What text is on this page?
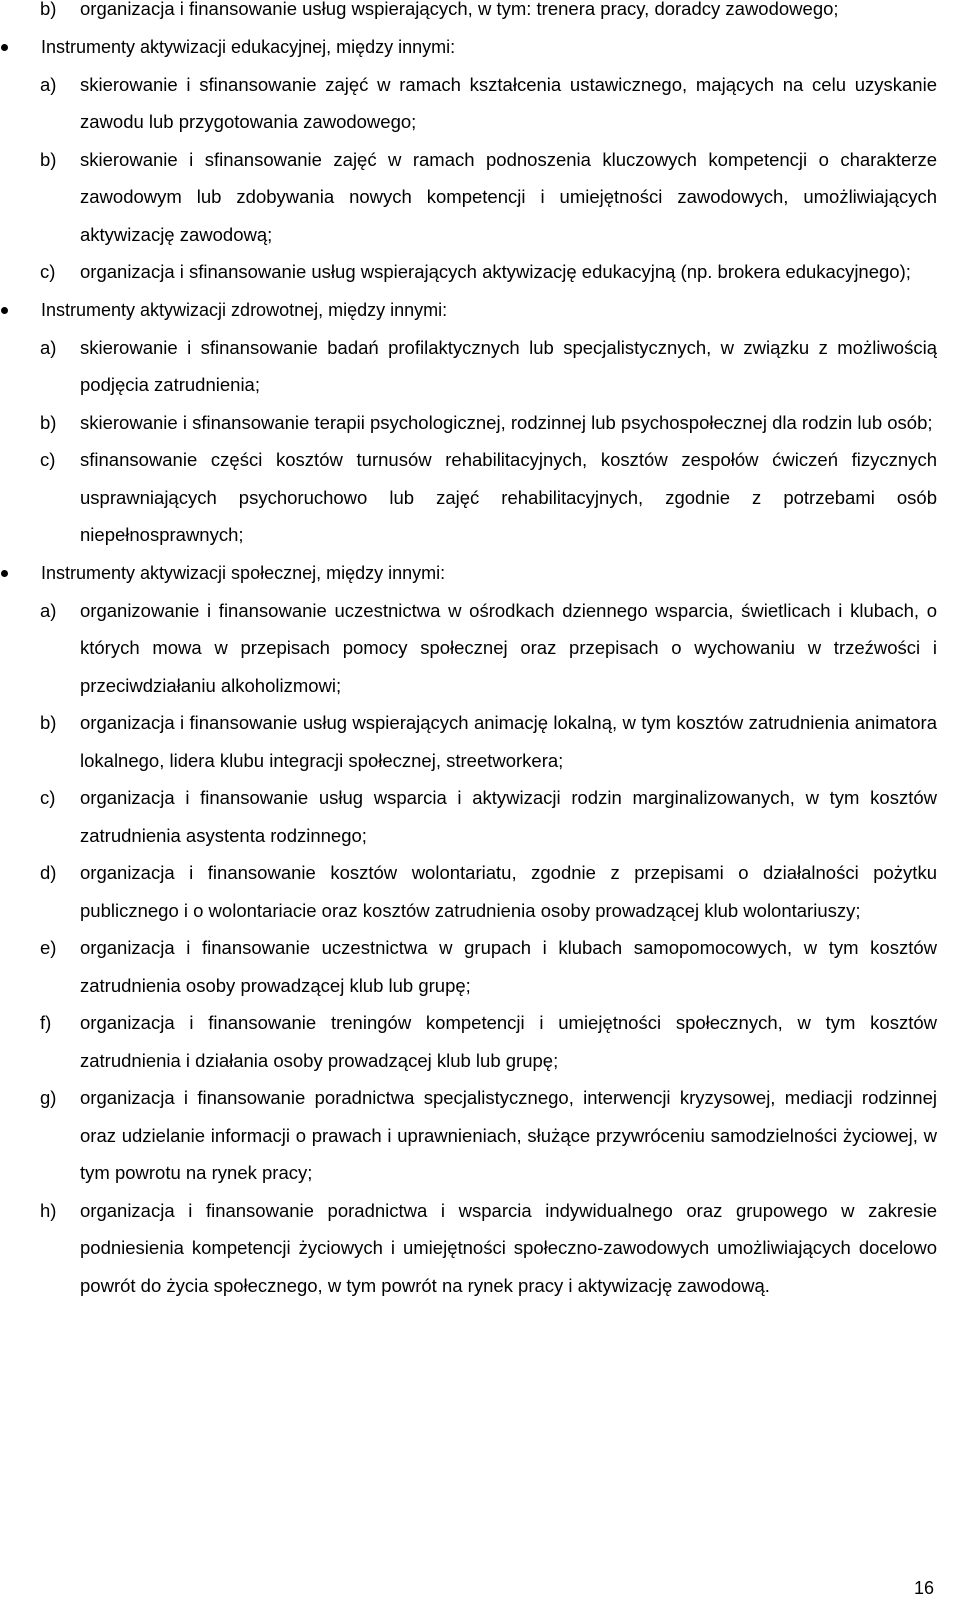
b) organizacja i finansowanie usług wspierających, w tym: trenera pracy, doradcy zawodowego;
Instrumenty aktywizacji edukacyjnej, między innymi:
a) skierowanie i sfinansowanie zajęć w ramach kształcenia ustawicznego, mających na celu uzyskanie zawodu lub przygotowania zawodowego;
b) skierowanie i sfinansowanie zajęć w ramach podnoszenia kluczowych kompetencji o charakterze zawodowym lub zdobywania nowych kompetencji i umiejętności zawodowych, umożliwiających aktywizację zawodową;
c) organizacja i sfinansowanie usług wspierających aktywizację edukacyjną (np. brokera edukacyjnego);
Instrumenty aktywizacji zdrowotnej, między innymi:
a) skierowanie i sfinansowanie badań profilaktycznych lub specjalistycznych, w związku z możliwością podjęcia zatrudnienia;
b) skierowanie i sfinansowanie terapii psychologicznej, rodzinnej lub psychospołecznej dla rodzin lub osób;
c) sfinansowanie części kosztów turnusów rehabilitacyjnych, kosztów zespołów ćwiczeń fizycznych usprawniających psychoruchowo lub zajęć rehabilitacyjnych, zgodnie z potrzebami osób niepełnosprawnych;
Instrumenty aktywizacji społecznej, między innymi:
a) organizowanie i finansowanie uczestnictwa w ośrodkach dziennego wsparcia, świetlicach i klubach, o których mowa w przepisach pomocy społecznej oraz przepisach o wychowaniu w trzeźwości i przeciwdziałaniu alkoholizmowi;
b) organizacja i finansowanie usług wspierających animację lokalną, w tym kosztów zatrudnienia animatora lokalnego, lidera klubu integracji społecznej, streetworkera;
c) organizacja i finansowanie usług wsparcia i aktywizacji rodzin marginalizowanych, w tym kosztów zatrudnienia asystenta rodzinnego;
d) organizacja i finansowanie kosztów wolontariatu, zgodnie z przepisami o działalności pożytku publicznego i o wolontariacie oraz kosztów zatrudnienia osoby prowadzącej klub wolontariuszy;
e) organizacja i finansowanie uczestnictwa w grupach i klubach samopomocowych, w tym kosztów zatrudnienia osoby prowadzącej klub lub grupę;
f) organizacja i finansowanie treningów kompetencji i umiejętności społecznych, w tym kosztów zatrudnienia i działania osoby prowadzącej klub lub grupę;
g) organizacja i finansowanie poradnictwa specjalistycznego, interwencji kryzysowej, mediacji rodzinnej oraz udzielanie informacji o prawach i uprawnieniach, służące przywróceniu samodzielności życiowej, w tym powrotu na rynek pracy;
h) organizacja i finansowanie poradnictwa i wsparcia indywidualnego oraz grupowego w zakresie podniesienia kompetencji życiowych i umiejętności społeczno-zawodowych umożliwiających docelowo powrót do życia społecznego, w tym powrót na rynek pracy i aktywizację zawodową.
16
